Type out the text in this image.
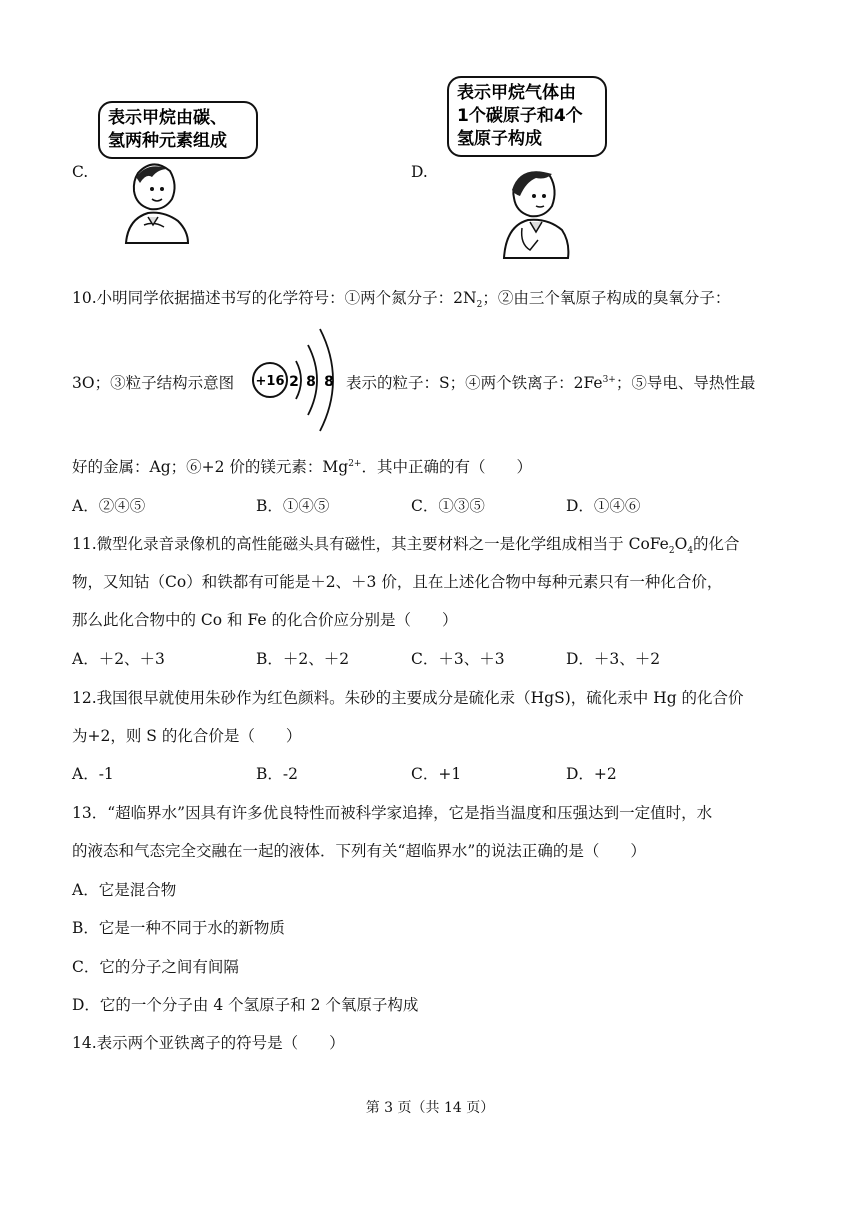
C.
表示甲烷由碳、
氢两种元素组成
D.
表示甲烷气体由
1个碳原子和4个
氢原子构成
10.小明同学依据描述书写的化学符号：①两个氮分子：$2N_2$；②由三个氧原子构成的臭氧分子：
3O；③粒子结构示意图 +16 2 8 8 表示的粒子：S；④两个铁离子：$2Fe^{3+}$；⑤导电、导热性最
好的金属：Ag；⑥+2 价的镁元素：$Mg^{2+}$．其中正确的有（　　）
A．②④⑤	B．①④⑤	C．①③⑤	D．①④⑥
11.微型化录音录像机的高性能磁头具有磁性，其主要材料之一是化学组成相当于 $CoFe_2O_4$的化合
物，又知钴（Co）和铁都有可能是＋2、＋3 价，且在上述化合物中每种元素只有一种化合价，
那么此化合物中的 Co 和 Fe 的化合价应分别是（　　）
A．＋2、＋3	B．＋2、＋2	C．＋3、＋3	D．＋3、＋2
12.我国很早就使用朱砂作为红色颜料。朱砂的主要成分是硫化汞（HgS)，硫化汞中 Hg 的化合价
为+2，则 S 的化合价是（　　）
A．-1	B．-2	C．+1	D．+2
13．“超临界水”因具有许多优良特性而被科学家追捧，它是指当温度和压强达到一定值时，水
的液态和气态完全交融在一起的液体．下列有关“超临界水”的说法正确的是（　　）
A．它是混合物
B．它是一种不同于水的新物质
C．它的分子之间有间隔
D．它的一个分子由 4 个氢原子和 2 个氧原子构成
14.表示两个亚铁离子的符号是（　　）
第 3 页（共 14 页）
